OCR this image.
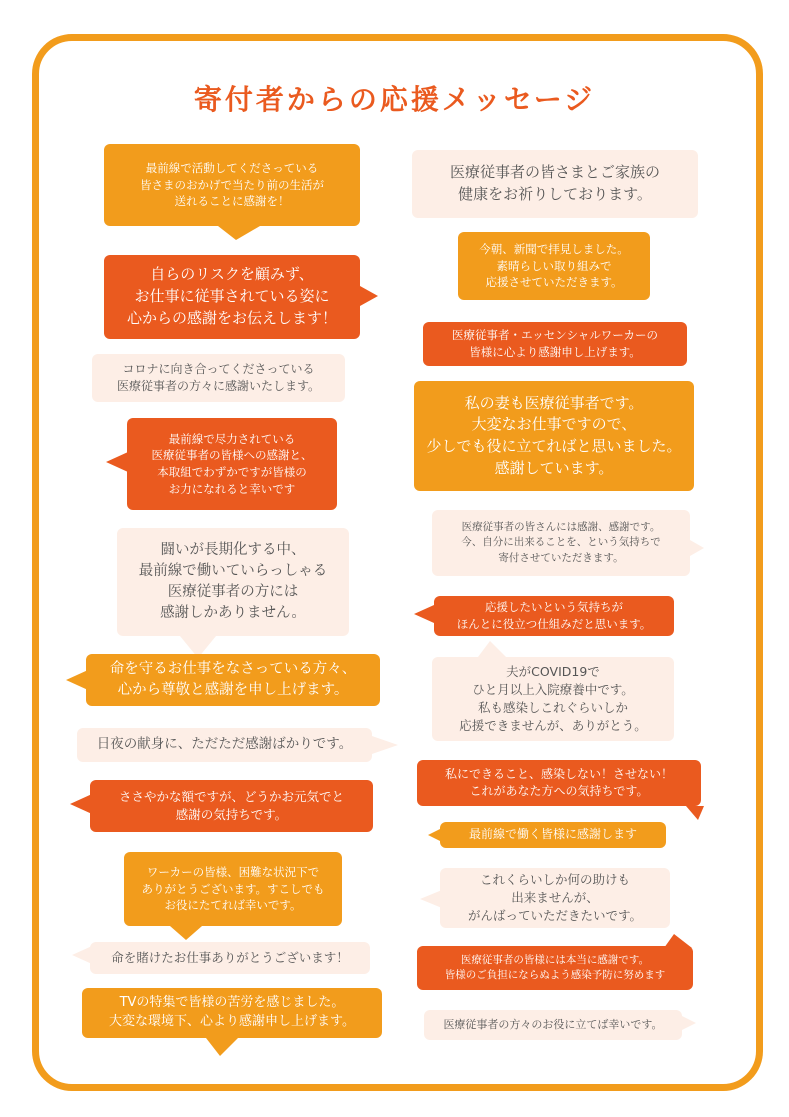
寄付者からの応援メッセージ
最前線で活動してくださっている
皆さまのおかげで当たり前の生活が
送れることに感謝を！
自らのリスクを顧みず、
お仕事に従事されている姿に
心からの感謝をお伝えします！
コロナに向き合ってくださっている
医療従事者の方々に感謝いたします。
最前線で尽力されている
医療従事者の皆様への感謝と、
本取組でわずかですが皆様の
お力になれると幸いです
闘いが長期化する中、
最前線で働いていらっしゃる
医療従事者の方には
感謝しかありません。
命を守るお仕事をなさっている方々、
心から尊敬と感謝を申し上げます。
日夜の献身に、ただただ感謝ばかりです。
ささやかな額ですが、どうかお元気でと
感謝の気持ちです。
ワーカーの皆様、困難な状況下で
ありがとうございます。すこしでも
お役にたてれば幸いです。
命を賭けたお仕事ありがとうございます！
TVの特集で皆様の苦労を感じました。
大変な環境下、心より感謝申し上げます。
医療従事者の皆さまとご家族の
健康をお祈りしております。
今朝、新聞で拝見しました。
素晴らしい取り組みで
応援させていただきます。
医療従事者・エッセンシャルワーカーの
皆様に心より感謝申し上げます。
私の妻も医療従事者です。
大変なお仕事ですので、
少しでも役に立てればと思いました。
感謝しています。
医療従事者の皆さんには感謝、感謝です。
今、自分に出来ることを、という気持ちで
寄付させていただきます。
応援したいという気持ちが
ほんとに役立つ仕組みだと思います。
夫がCOVID19で
ひと月以上入院療養中です。
私も感染しこれぐらいしか
応援できませんが、ありがとう。
私にできること、感染しない！させない！
これがあなた方への気持ちです。
最前線で働く皆様に感謝します
これくらいしか何の助けも
出来ませんが、
がんばっていただきたいです。
医療従事者の皆様には本当に感謝です。
皆様のご負担にならぬよう感染予防に努めます
医療従事者の方々のお役に立てば幸いです。
